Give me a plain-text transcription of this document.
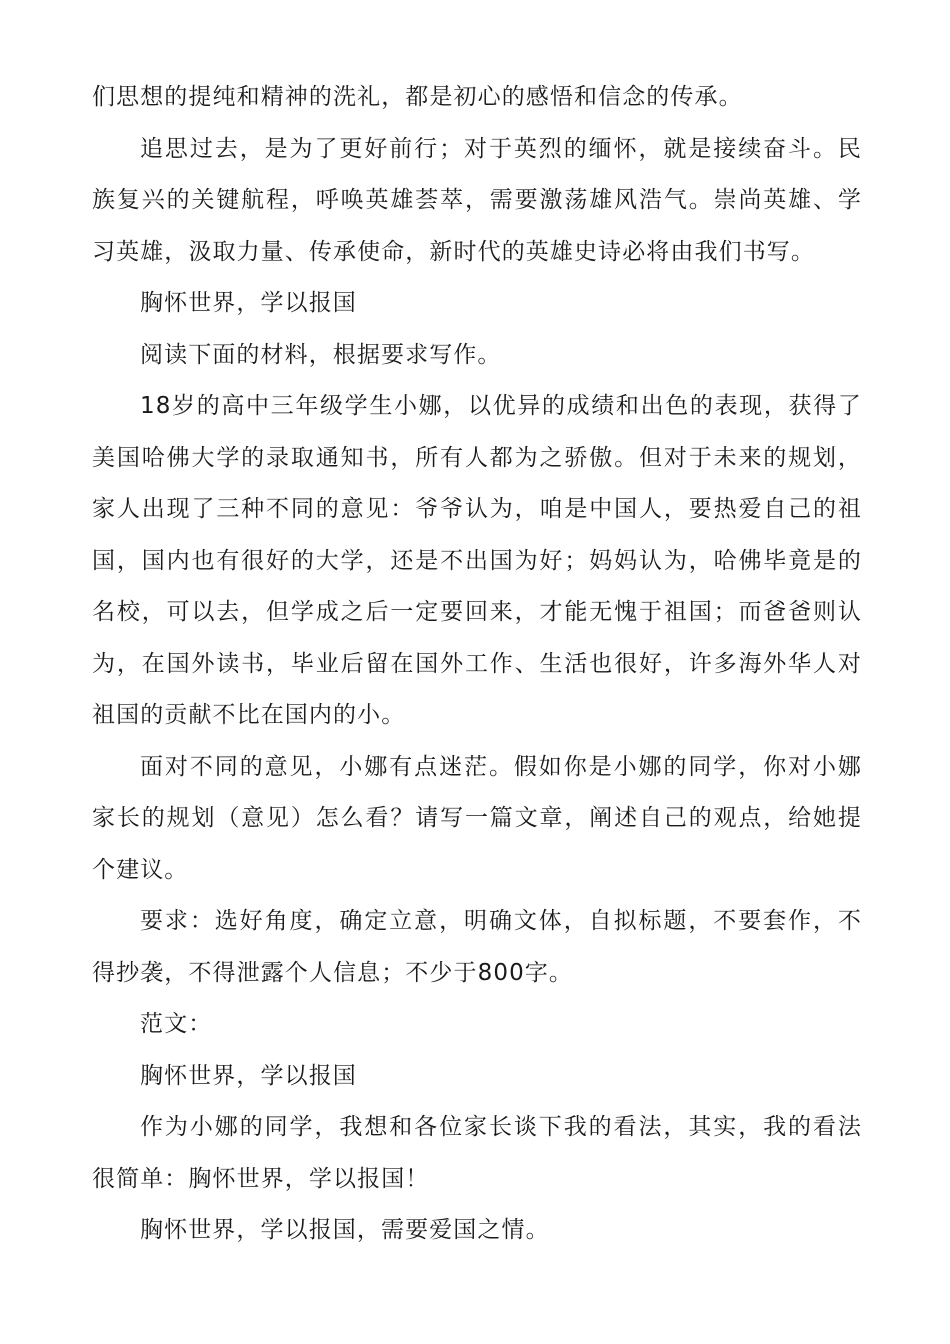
们思想的提纯和精神的洗礼，都是初心的感悟和信念的传承。

追思过去，是为了更好前行；对于英烈的缅怀，就是接续奋斗。民族复兴的关键航程，呼唤英雄荟萃，需要激荡雄风浩气。崇尚英雄、学习英雄，汲取力量、传承使命，新时代的英雄史诗必将由我们书写。

胸怀世界，学以报国

阅读下面的材料，根据要求写作。

18岁的高中三年级学生小娜，以优异的成绩和出色的表现，获得了美国哈佛大学的录取通知书，所有人都为之骄傲。但对于未来的规划，家人出现了三种不同的意见：爷爷认为，咱是中国人，要热爱自己的祖国，国内也有很好的大学，还是不出国为好；妈妈认为，哈佛毕竟是的名校，可以去，但学成之后一定要回来，才能无愧于祖国；而爸爸则认为，在国外读书，毕业后留在国外工作、生活也很好，许多海外华人对祖国的贡献不比在国内的小。

面对不同的意见，小娜有点迷茫。假如你是小娜的同学，你对小娜家长的规划（意见）怎么看？请写一篇文章，阐述自己的观点，给她提个建议。

要求：选好角度，确定立意，明确文体，自拟标题，不要套作，不得抄袭，不得泄露个人信息；不少于800字。

范文：

胸怀世界，学以报国

作为小娜的同学，我想和各位家长谈下我的看法，其实，我的看法很简单：胸怀世界，学以报国！

胸怀世界，学以报国，需要爱国之情。
